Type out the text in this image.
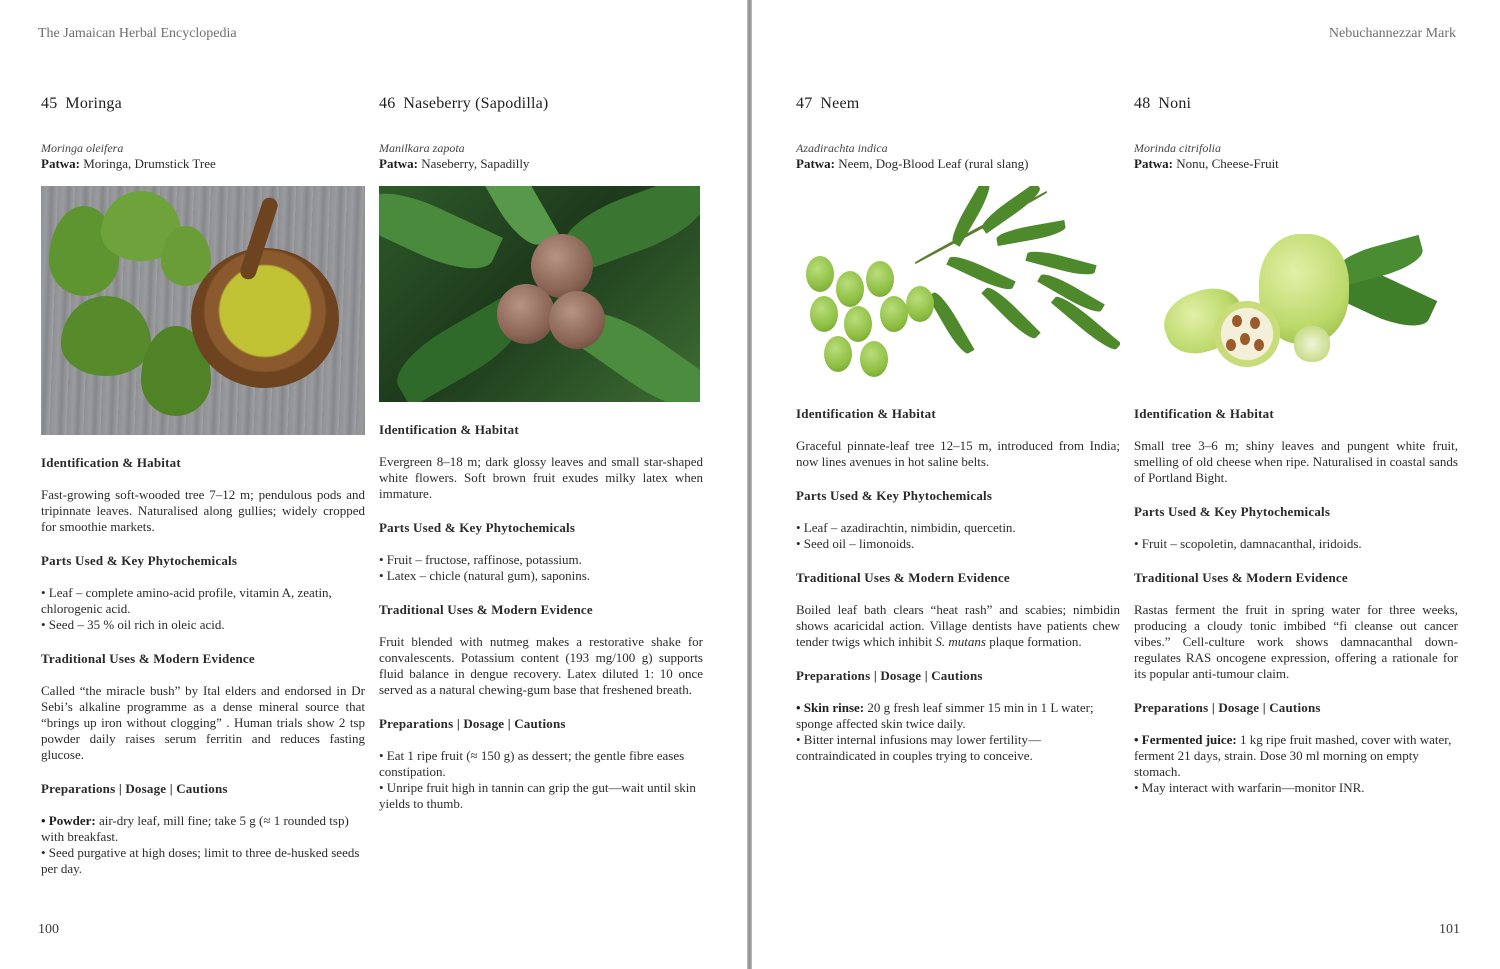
The Jamaican Herbal Encyclopedia
45 Moringa
Moringa oleifera
Patwa: Moringa, Drumstick Tree
Identification & Habitat
Fast-growing soft-wooded tree 7–12 m; pendulous pods and tripinnate leaves. Naturalised along gullies; widely cropped for smoothie markets.
Parts Used & Key Phytochemicals
• Leaf – complete amino-acid profile, vitamin A, zeatin, chlorogenic acid.
• Seed – 35 % oil rich in oleic acid.
Traditional Uses & Modern Evidence
Called “the miracle bush” by Ital elders and endorsed in Dr Sebi’s alkaline programme as a dense mineral source that “brings up iron without clogging” . Human trials show 2 tsp powder daily raises serum ferritin and reduces fasting glucose.
Preparations | Dosage | Cautions
• Powder: air-dry leaf, mill fine; take 5 g (≈ 1 rounded tsp) with breakfast.
• Seed purgative at high doses; limit to three de-husked seeds per day.
46 Naseberry (Sapodilla)
Manilkara zapota
Patwa: Naseberry, Sapadilly
Identification & Habitat
Evergreen 8–18 m; dark glossy leaves and small star-shaped white flowers. Soft brown fruit exudes milky latex when immature.
Parts Used & Key Phytochemicals
• Fruit – fructose, raffinose, potassium.
• Latex – chicle (natural gum), saponins.
Traditional Uses & Modern Evidence
Fruit blended with nutmeg makes a restorative shake for convalescents. Potassium content (193 mg/100 g) supports fluid balance in dengue recovery. Latex diluted 1: 10 once served as a natural chewing-gum base that freshened breath.
Preparations | Dosage | Cautions
• Eat 1 ripe fruit (≈ 150 g) as dessert; the gentle fibre eases constipation.
• Unripe fruit high in tannin can grip the gut—wait until skin yields to thumb.
100
Nebuchannezzar Mark
47 Neem
Azadirachta indica
Patwa: Neem, Dog-Blood Leaf (rural slang)
Identification & Habitat
Graceful pinnate-leaf tree 12–15 m, introduced from India; now lines avenues in hot saline belts.
Parts Used & Key Phytochemicals
• Leaf – azadirachtin, nimbidin, quercetin.
• Seed oil – limonoids.
Traditional Uses & Modern Evidence
Boiled leaf bath clears “heat rash” and scabies; nimbidin shows acaricidal action. Village dentists have patients chew tender twigs which inhibit S. mutans plaque formation.
Preparations | Dosage | Cautions
• Skin rinse: 20 g fresh leaf simmer 15 min in 1 L water; sponge affected skin twice daily.
• Bitter internal infusions may lower fertility—contraindicated in couples trying to conceive.
48 Noni
Morinda citrifolia
Patwa: Nonu, Cheese-Fruit
Identification & Habitat
Small tree 3–6 m; shiny leaves and pungent white fruit, smelling of old cheese when ripe. Naturalised in coastal sands of Portland Bight.
Parts Used & Key Phytochemicals
• Fruit – scopoletin, damnacanthal, iridoids.
Traditional Uses & Modern Evidence
Rastas ferment the fruit in spring water for three weeks, producing a cloudy tonic imbibed “fi cleanse out cancer vibes.” Cell-culture work shows damnacanthal down-regulates RAS oncogene expression, offering a rationale for its popular anti-tumour claim.
Preparations | Dosage | Cautions
• Fermented juice: 1 kg ripe fruit mashed, cover with water, ferment 21 days, strain. Dose 30 ml morning on empty stomach.
• May interact with warfarin—monitor INR.
101
